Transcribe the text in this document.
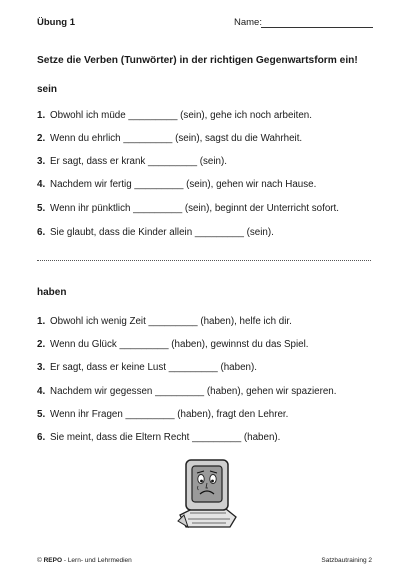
Übung 1	Name:
Setze die Verben (Tunwörter) in der richtigen Gegenwartsform ein!
sein
1. Obwohl ich müde _________ (sein), gehe ich noch arbeiten.
2. Wenn du ehrlich _________ (sein), sagst du die Wahrheit.
3. Er sagt, dass er krank _________ (sein).
4. Nachdem wir fertig _________ (sein), gehen wir nach Hause.
5. Wenn ihr pünktlich _________ (sein), beginnt der Unterricht sofort.
6. Sie glaubt, dass die Kinder allein _________ (sein).
haben
1. Obwohl ich wenig Zeit _________ (haben), helfe ich dir.
2. Wenn du Glück _________ (haben), gewinnst du das Spiel.
3. Er sagt, dass er keine Lust _________ (haben).
4. Nachdem wir gegessen _________ (haben), gehen wir spazieren.
5. Wenn ihr Fragen _________ (haben), fragt den Lehrer.
6. Sie meint, dass die Eltern Recht _________ (haben).
© REPO - Lern- und Lehrmedien	Satzbautraining 2
